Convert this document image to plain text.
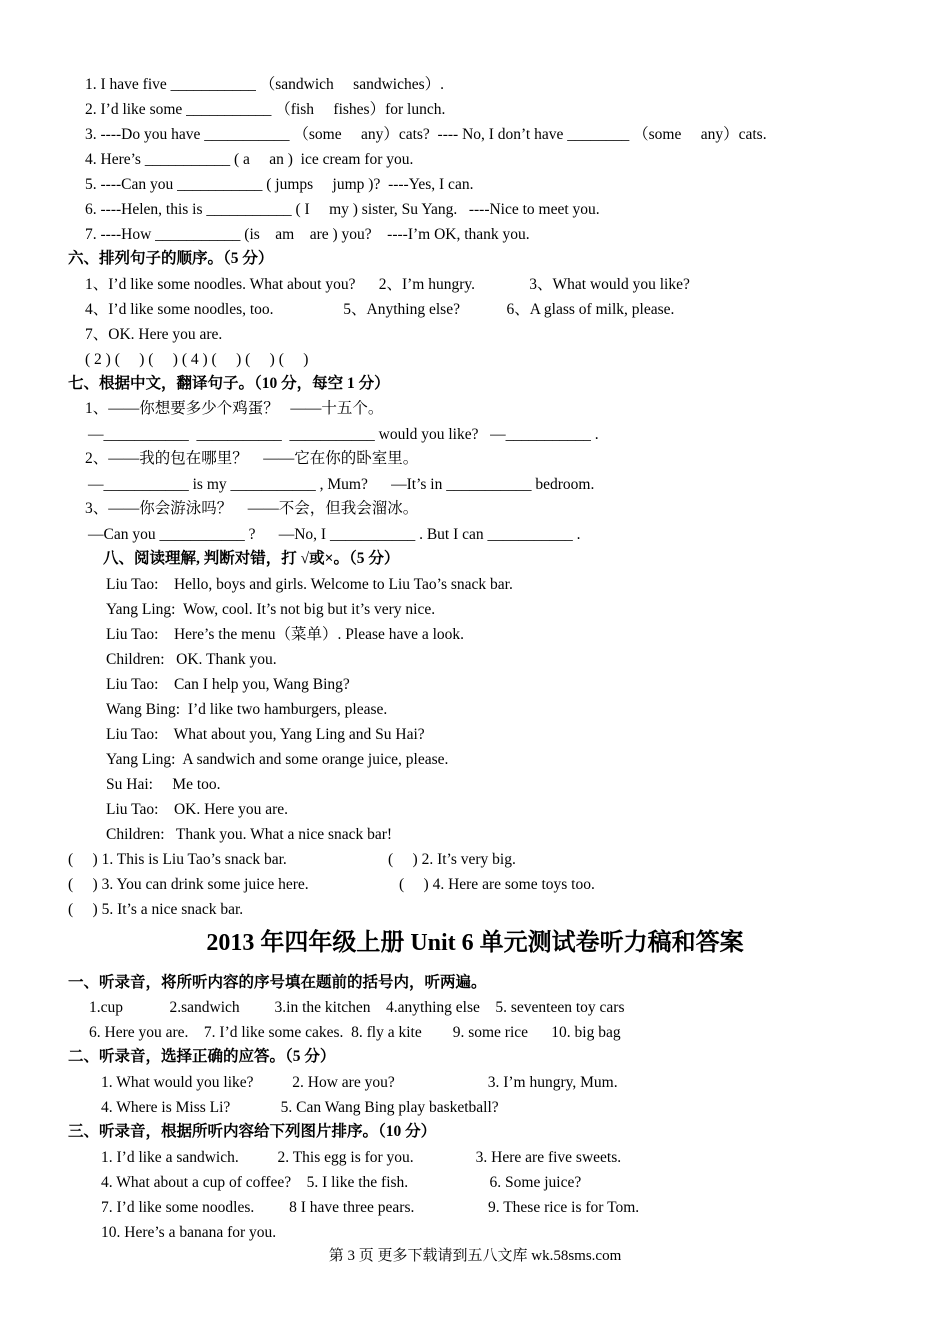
1. I have five ___________ （sandwich     sandwiches）.
2. I’d like some ___________ （fish     fishes）for lunch.
3. ----Do you have ___________ （some     any）cats?  ---- No, I don’t have ________ （some     any）cats.
4. Here’s ___________ ( a     an )  ice cream for you.
5. ----Can you ___________ ( jumps     jump )?  ----Yes, I can.
6. ----Helen, this is ___________ ( I     my ) sister, Su Yang.   ----Nice to meet you.
7. ----How ___________ (is    am    are ) you?    ----I’m OK, thank you.
六、排列句子的顺序。（5 分）
1、I’d like some noodles. What about you?      2、I’m hungry.              3、What would you like?
4、I’d like some noodles, too.                  5、Anything else?            6、A glass of milk, please.
7、OK. Here you are.
( 2 ) (     ) (     ) ( 4 ) (     ) (     ) (     )
七、根据中文，翻译句子。（10 分，每空 1 分）
1、——你想要多少个鸡蛋？   ——十五个。
—___________  ___________  ___________ would you like?   —___________ .
2、——我的包在哪里？    ——它在你的卧室里。
—___________ is my ___________ , Mum?      —It’s in ___________ bedroom.
3、——你会游泳吗？    ——不会，但我会溜冰。
—Can you ___________ ?      —No, I ___________ . But I can ___________ .
八、阅读理解, 判断对错，打 √或×。（5 分）
Liu Tao:    Hello, boys and girls. Welcome to Liu Tao’s snack bar.
Yang Ling:  Wow, cool. It’s not big but it’s very nice.
Liu Tao:    Here’s the menu（菜单）. Please have a look.
Children:   OK. Thank you.
Liu Tao:    Can I help you, Wang Bing?
Wang Bing:  I’d like two hamburgers, please.
Liu Tao:    What about you, Yang Ling and Su Hai?
Yang Ling:  A sandwich and some orange juice, please.
Su Hai:     Me too.
Liu Tao:    OK. Here you are.
Children:   Thank you. What a nice snack bar!
(     ) 1. This is Liu Tao’s snack bar.	(     ) 2. It’s very big.
(     ) 3. You can drink some juice here.	(     ) 4. Here are some toys too.
(     ) 5. It’s a nice snack bar.
2013 年四年级上册 Unit 6 单元测试卷听力稿和答案
一、听录音，将所听内容的序号填在题前的括号内，听两遍。
1.cup            2.sandwich         3.in the kitchen    4.anything else    5. seventeen toy cars
6. Here you are.    7. I’d like some cakes.  8. fly a kite        9. some rice      10. big bag
二、听录音，选择正确的应答。（5 分）
1. What would you like?          2. How are you?                        3. I’m hungry, Mum.
4. Where is Miss Li?             5. Can Wang Bing play basketball?
三、听录音，根据所听内容给下列图片排序。（10 分）
1. I’d like a sandwich.          2. This egg is for you.                3. Here are five sweets.
4. What about a cup of coffee?    5. I like the fish.                     6. Some juice?
7. I’d like some noodles.         8 I have three pears.                   9. These rice is for Tom.
10. Here’s a banana for you.
第 3 页 更多下载请到五八文库 wk.58sms.com
